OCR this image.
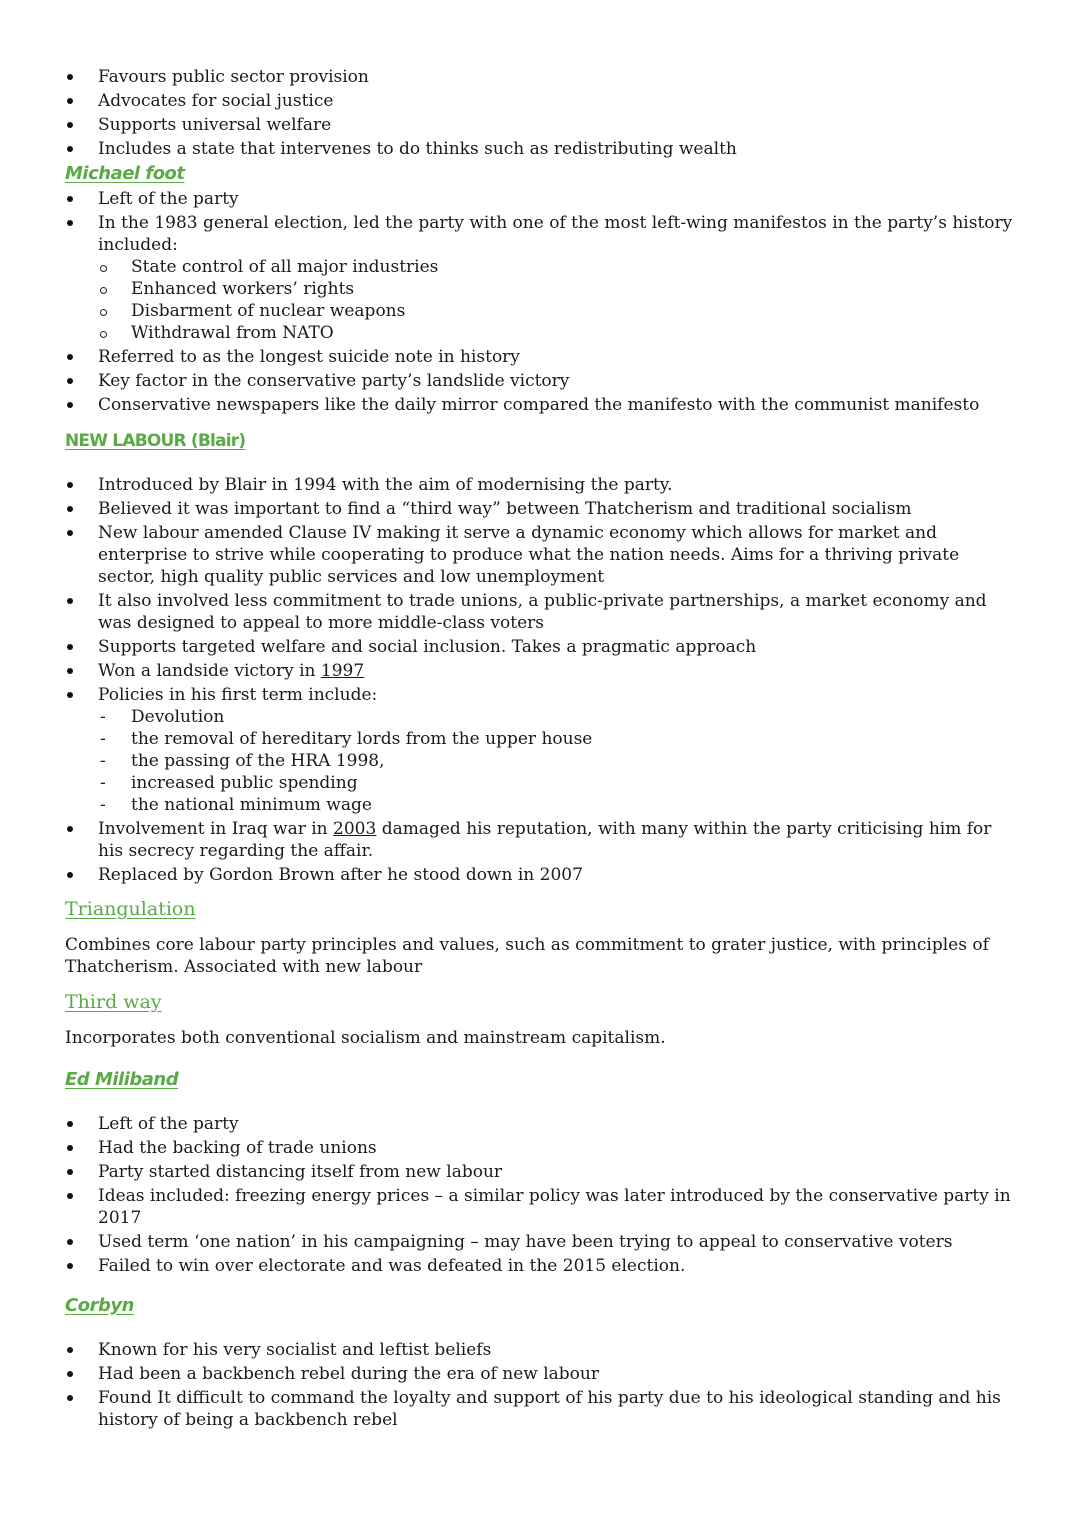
Favours public sector provision
Advocates for social justice
Supports universal welfare
Includes a state that intervenes to do thinks such as redistributing wealth
Michael foot
Left of the party
In the 1983 general election, led the party with one of the most left-wing manifestos in the party’s history included:
State control of all major industries
Enhanced workers’ rights
Disbarment of nuclear weapons
Withdrawal from NATO
Referred to as the longest suicide note in history
Key factor in the conservative party’s landslide victory
Conservative newspapers like the daily mirror compared the manifesto with the communist manifesto
NEW LABOUR (Blair)
Introduced by Blair in 1994 with the aim of modernising the party.
Believed it was important to find a “third way” between Thatcherism and traditional socialism
New labour amended Clause IV making it serve a dynamic economy which allows for market and enterprise to strive while cooperating to produce what the nation needs. Aims for a thriving private sector, high quality public services and low unemployment
It also involved less commitment to trade unions, a public-private partnerships, a market economy and was designed to appeal to more middle-class voters
Supports targeted welfare and social inclusion. Takes a pragmatic approach
Won a landside victory in 1997
Policies in his first term include:
- Devolution
- the removal of hereditary lords from the upper house
- the passing of the HRA 1998,
- increased public spending
- the national minimum wage
Involvement in Iraq war in 2003 damaged his reputation, with many within the party criticising him for his secrecy regarding the affair.
Replaced by Gordon Brown after he stood down in 2007
Triangulation

Combines core labour party principles and values, such as commitment to grater justice, with principles of Thatcherism. Associated with new labour

Third way

Incorporates both conventional socialism and mainstream capitalism.

Ed Miliband
Left of the party
Had the backing of trade unions
Party started distancing itself from new labour
Ideas included: freezing energy prices – a similar policy was later introduced by the conservative party in 2017
Used term ‘one nation’ in his campaigning – may have been trying to appeal to conservative voters
Failed to win over electorate and was defeated in the 2015 election.
Corbyn
Known for his very socialist and leftist beliefs
Had been a backbench rebel during the era of new labour
Found It difficult to command the loyalty and support of his party due to his ideological standing and his history of being a backbench rebel
